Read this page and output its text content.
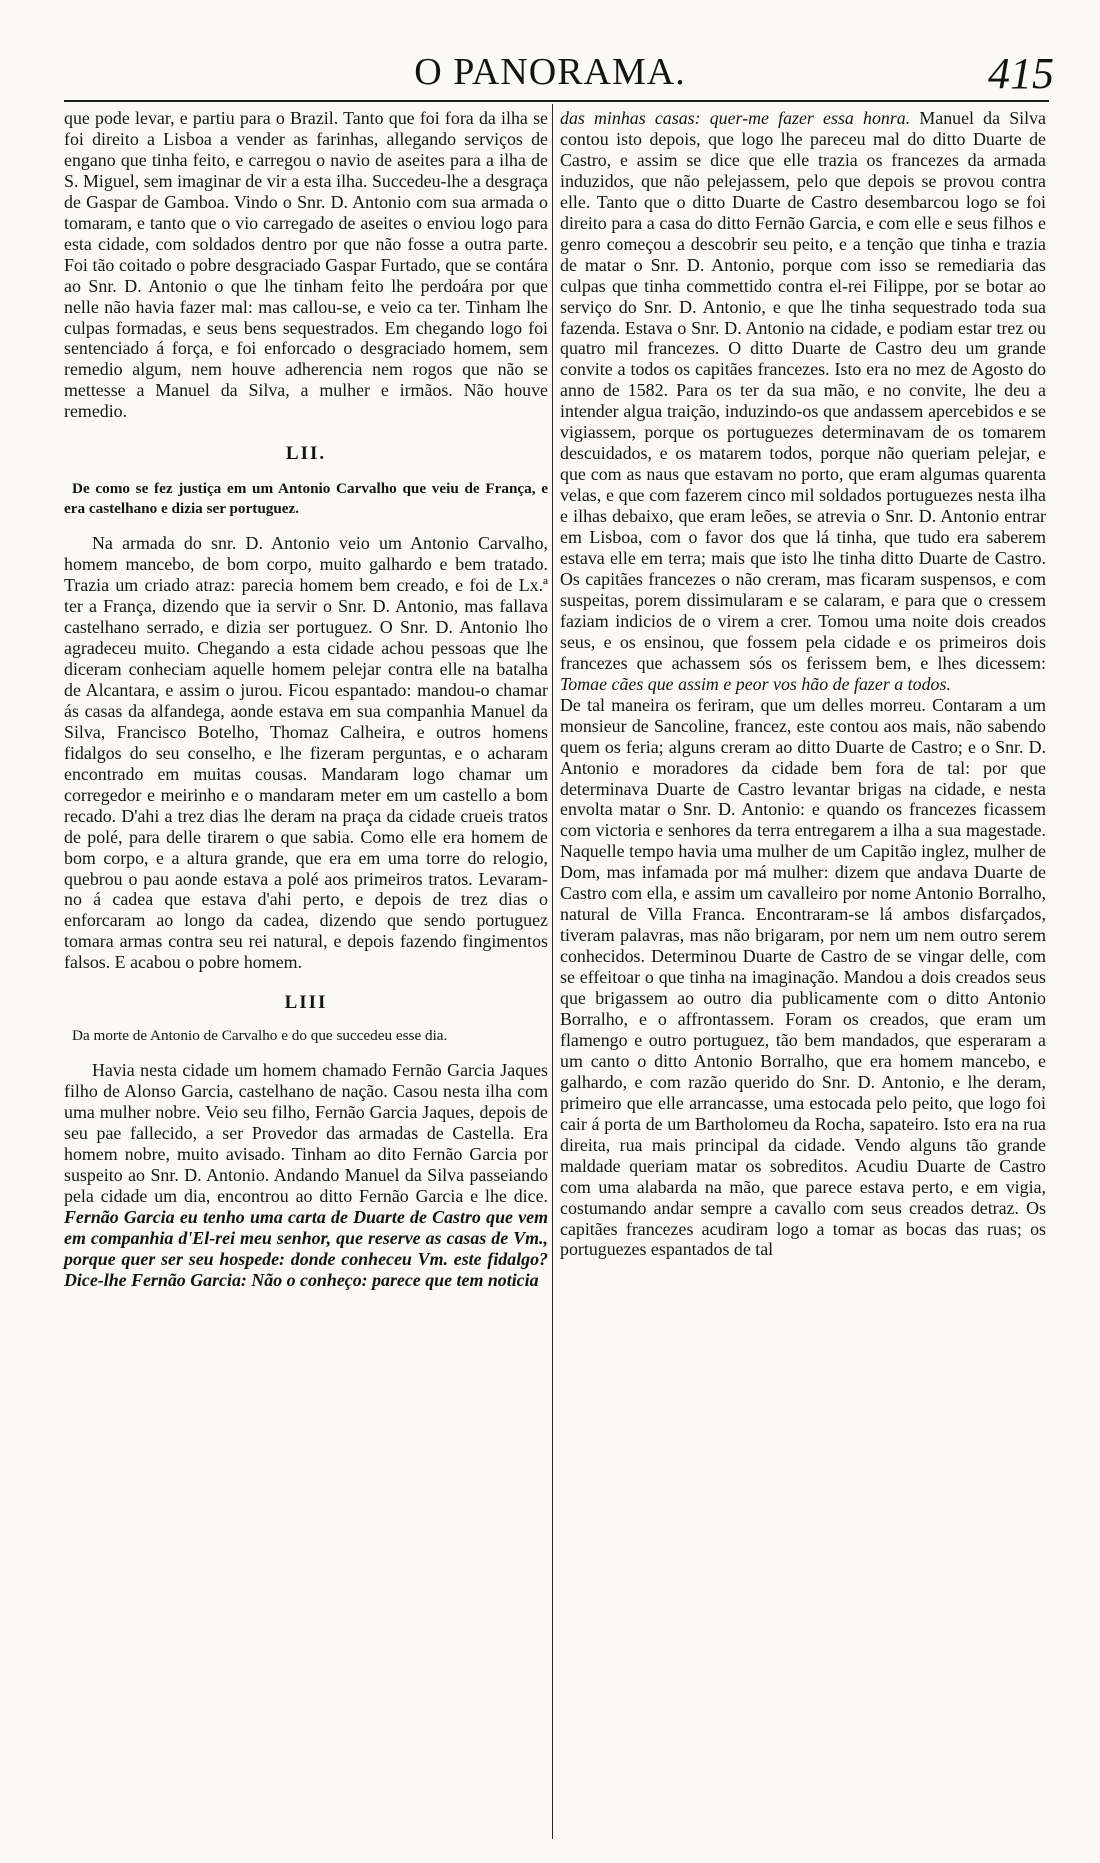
O PANORAMA.	415

que pode levar, e partiu para o Brazil. Tanto que foi fora da ilha se foi direito a Lisboa a vender as farinhas, allegando serviços de engano que tinha feito, e carregou o navio de aseites para a ilha de S. Miguel, sem imaginar de vir a esta ilha. Succedeu-lhe a desgraça de Gaspar de Gamboa. Vindo o Snr. D. Antonio com sua armada o tomaram, e tanto que o vio carregado de aseites o enviou logo para esta cidade, com soldados dentro por que não fosse a outra parte. Foi tão coitado o pobre desgraciado Gaspar Furtado, que se contára ao Snr. D. Antonio o que lhe tinham feito lhe perdoára por que nelle não havia fazer mal: mas callou-se, e veio ca ter. Tinham lhe culpas formadas, e seus bens sequestrados. Em chegando logo foi sentenciado á força, e foi enforcado o desgraciado homem, sem remedio algum, nem houve adherencia nem rogos que não se mettesse a Manuel da Silva, a mulher e irmãos. Não houve remedio.

LII.

De como se fez justiça em um Antonio Carvalho que veiu de França, e era castelhano e dizia ser portuguez.

Na armada do snr. D. Antonio veio um Antonio Carvalho, homem mancebo, de bom corpo, muito galhardo e bem tratado. Trazia um criado atraz: parecia homem bem creado, e foi de Lx.ª ter a França, dizendo que ia servir o Snr. D. Antonio, mas fallava castelhano serrado, e dizia ser portuguez. O Snr. D. Antonio lho agradeceu muito. Chegando a esta cidade achou pessoas que lhe diceram conheciam aquelle homem pelejar contra elle na batalha de Alcantara, e assim o jurou. Ficou espantado: mandou-o chamar ás casas da alfandega, aonde estava em sua companhia Manuel da Silva, Francisco Botelho, Thomaz Calheira, e outros homens fidalgos do seu conselho, e lhe fizeram perguntas, e o acharam encontrado em muitas cousas. Mandaram logo chamar um corregedor e meirinho e o mandaram meter em um castello a bom recado. D'ahi a trez dias lhe deram na praça da cidade crueis tratos de polé, para delle tirarem o que sabia. Como elle era homem de bom corpo, e a altura grande, que era em uma torre do relogio, quebrou o pau aonde estava a polé aos primeiros tratos. Levaram-no á cadea que estava d'ahi perto, e depois de trez dias o enforcaram ao longo da cadea, dizendo que sendo portuguez tomara armas contra seu rei natural, e depois fazendo fingimentos falsos. E acabou o pobre homem.

LIII

Da morte de Antonio de Carvalho e do que succedeu esse dia.

Havia nesta cidade um homem chamado Fernão Garcia Jaques filho de Alonso Garcia, castelhano de nação. Casou nesta ilha com uma mulher nobre. Veio seu filho, Fernão Garcia Jaques, depois de seu pae fallecido, a ser Provedor das armadas de Castella. Era homem nobre, muito avisado. Tinham ao dito Fernão Garcia por suspeito ao Snr. D. Antonio. Andando Manuel da Silva passeiando pela cidade um dia, encontrou ao ditto Fernão Garcia e lhe dice. Fernão Garcia eu tenho uma carta de Duarte de Castro que vem em companhia d'El-rei meu senhor, que reserve as casas de Vm., porque quer ser seu hospede: donde conheceu Vm. este fidalgo? Dice-lhe Fernão Garcia: Não o conheço: parece que tem noticia

das minhas casas: quer-me fazer essa honra. Manuel da Silva contou isto depois, que logo lhe pareceu mal do ditto Duarte de Castro, e assim se dice que elle trazia os francezes da armada induzidos, que não pelejassem, pelo que depois se provou contra elle. Tanto que o ditto Duarte de Castro desembarcou logo se foi direito para a casa do ditto Fernão Garcia, e com elle e seus filhos e genro começou a descobrir seu peito, e a tenção que tinha e trazia de matar o Snr. D. Antonio, porque com isso se remediaria das culpas que tinha commettido contra el-rei Filippe, por se botar ao serviço do Snr. D. Antonio, e que lhe tinha sequestrado toda sua fazenda. Estava o Snr. D. Antonio na cidade, e podiam estar trez ou quatro mil francezes. O ditto Duarte de Castro deu um grande convite a todos os capitães francezes. Isto era no mez de Agosto do anno de 1582. Para os ter da sua mão, e no convite, lhe deu a intender algua traição, induzindo-os que andassem apercebidos e se vigiassem, porque os portuguezes determinavam de os tomarem descuidados, e os matarem todos, porque não queriam pelejar, e que com as naus que estavam no porto, que eram algumas quarenta velas, e que com fazerem cinco mil soldados portuguezes nesta ilha e ilhas debaixo, que eram leões, se atrevia o Snr. D. Antonio entrar em Lisboa, com o favor dos que lá tinha, que tudo era saberem estava elle em terra; mais que isto lhe tinha ditto Duarte de Castro. Os capitães francezes o não creram, mas ficaram suspensos, e com suspeitas, porem dissimularam e se calaram, e para que o cressem faziam indicios de o virem a crer. Tomou uma noite dois creados seus, e os ensinou, que fossem pela cidade e os primeiros dois francezes que achassem sós os ferissem bem, e lhes dicessem: Tomae cães que assim e peor vos hão de fazer a todos.

De tal maneira os feriram, que um delles morreu. Contaram a um monsieur de Sancoline, francez, este contou aos mais, não sabendo quem os feria; alguns creram ao ditto Duarte de Castro; e o Snr. D. Antonio e moradores da cidade bem fora de tal: por que determinava Duarte de Castro levantar brigas na cidade, e nesta envolta matar o Snr. D. Antonio: e quando os francezes ficassem com victoria e senhores da terra entregarem a ilha a sua magestade. Naquelle tempo havia uma mulher de um Capitão inglez, mulher de Dom, mas infamada por má mulher: dizem que andava Duarte de Castro com ella, e assim um cavalleiro por nome Antonio Borralho, natural de Villa Franca. Encontraram-se lá ambos disfarçados, tiveram palavras, mas não brigaram, por nem um nem outro serem conhecidos. Determinou Duarte de Castro de se vingar delle, com se effeitoar o que tinha na imaginação. Mandou a dois creados seus que brigassem ao outro dia publicamente com o ditto Antonio Borralho, e o affrontassem. Foram os creados, que eram um flamengo e outro portuguez, tão bem mandados, que esperaram a um canto o ditto Antonio Borralho, que era homem mancebo, e galhardo, e com razão querido do Snr. D. Antonio, e lhe deram, primeiro que elle arrancasse, uma estocada pelo peito, que logo foi cair á porta de um Bartholomeu da Rocha, sapateiro. Isto era na rua direita, rua mais principal da cidade. Vendo alguns tão grande maldade queriam matar os sobreditos. Acudiu Duarte de Castro com uma alabarda na mão, que parece estava perto, e em vigia, costumando andar sempre a cavallo com seus creados detraz. Os capitães francezes acudiram logo a tomar as bocas das ruas; os portuguezes espantados de tal
